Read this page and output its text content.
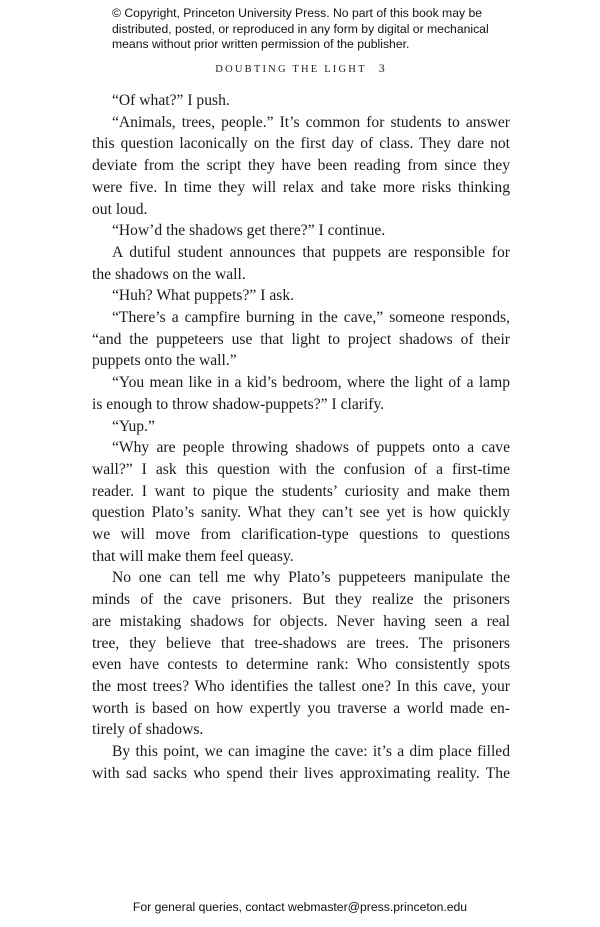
© Copyright, Princeton University Press. No part of this book may be
distributed, posted, or reproduced in any form by digital or mechanical
means without prior written permission of the publisher.
DOUBTING THE LIGHT 3
“Of what?” I push.
“Animals, trees, people.” It’s common for students to answer
this question laconically on the first day of class. They dare not
deviate from the script they have been reading from since they
were five. In time they will relax and take more risks thinking
out loud.
“How’d the shadows get there?” I continue.
A dutiful student announces that puppets are responsible for
the shadows on the wall.
“Huh? What puppets?” I ask.
“There’s a campfire burning in the cave,” someone responds,
“and the puppeteers use that light to project shadows of their
puppets onto the wall.”
“You mean like in a kid’s bedroom, where the light of a lamp
is enough to throw shadow-puppets?” I clarify.
“Yup.”
“Why are people throwing shadows of puppets onto a cave
wall?” I ask this question with the confusion of a first-time
reader. I want to pique the students’ curiosity and make them
question Plato’s sanity. What they can’t see yet is how quickly
we will move from clarification-type questions to questions
that will make them feel queasy.
No one can tell me why Plato’s puppeteers manipulate the
minds of the cave prisoners. But they realize the prisoners
are mistaking shadows for objects. Never having seen a real
tree, they believe that tree-shadows are trees. The prisoners
even have contests to determine rank: Who consistently spots
the most trees? Who identifies the tallest one? In this cave, your
worth is based on how expertly you traverse a world made en-
tirely of shadows.
By this point, we can imagine the cave: it’s a dim place filled
with sad sacks who spend their lives approximating reality. The
For general queries, contact webmaster@press.princeton.edu
